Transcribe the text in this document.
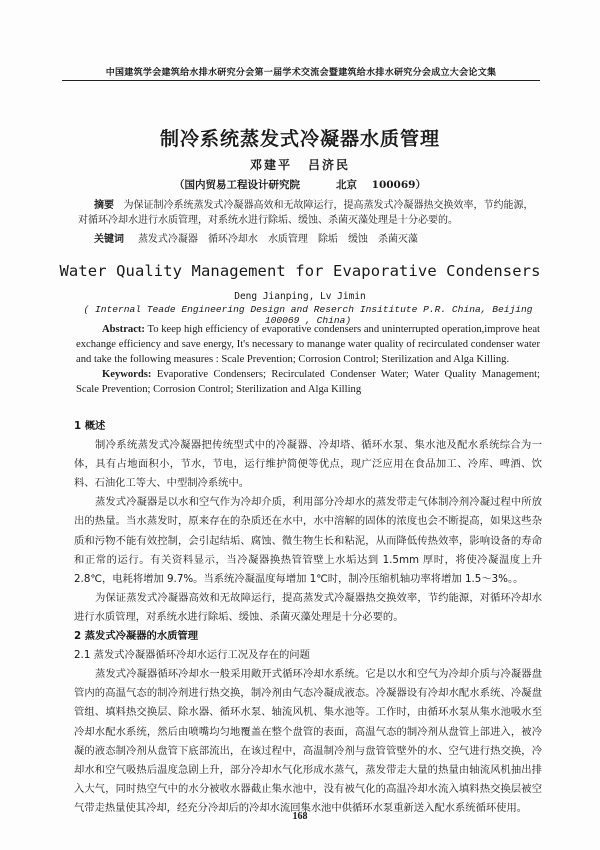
中国建筑学会建筑给水排水研究分会第一届学术交流会暨建筑给水排水研究分会成立大会论文集
制冷系统蒸发式冷凝器水质管理
邓建平 吕济民
（国内贸易工程设计研究院	北京 100069）

摘要 为保证制冷系统蒸发式冷凝器高效和无故障运行，提高蒸发式冷凝器热交换效率，节约能源，对循环冷却水进行水质管理，对系统水进行除垢、缓蚀、杀菌灭藻处理是十分必要的。

关键词 蒸发式冷凝器 循环冷却水 水质管理 除垢 缓蚀 杀菌灭藻
Water Quality Management for Evaporative Condensers
Deng Jianping, Lv Jimin
( Internal Teade Engineering Design and Reserch Insititute P.R. China, Beijing 100069 , China)

Abstract: To keep high efficiency of evaporative condensers and uninterrupted operation,improve heat exchange efficiency and save energy, It's necessary to manange water quality of recirculated condenser water and take the following measures : Scale Prevention; Corrosion Control; Sterilization and Alga Killing.

Keywords: Evaporative Condensers; Recirculated Condenser Water; Water Quality Management; Scale Prevention; Corrosion Control; Sterilization and Alga Killing

1 概述

制冷系统蒸发式冷凝器把传统型式中的冷凝器、冷却塔、循环水泵、集水池及配水系统综合为一体，具有占地面积小，节水，节电，运行维护简便等优点，现广泛应用在食品加工、冷库、啤酒、饮料、石油化工等大、中型制冷系统中。

蒸发式冷凝器是以水和空气作为冷却介质，利用部分冷却水的蒸发带走气体制冷剂冷凝过程中所放出的热量。当水蒸发时，原来存在的杂质还在水中，水中溶解的固体的浓度也会不断提高，如果这些杂质和污物不能有效控制，会引起结垢、腐蚀、微生物生长和粘泥，从而降低传热效率，影响设备的寿命和正常的运行。有关资料显示，当冷凝器换热管管壁上水垢达到 1.5mm 厚时，将使冷凝温度上升 2.8℃，电耗将增加 9.7%。当系统冷凝温度每增加 1℃时，制冷压缩机轴功率将增加 1.5～3%。。

为保证蒸发式冷凝器高效和无故障运行，提高蒸发式冷凝器热交换效率，节约能源，对循环冷却水进行水质管理，对系统水进行除垢、缓蚀、杀菌灭藻处理是十分必要的。

2 蒸发式冷凝器的水质管理
2.1 蒸发式冷凝器循环冷却水运行工况及存在的问题

蒸发式冷凝器循环冷却水一般采用敞开式循环冷却水系统。它是以水和空气为冷却介质与冷凝器盘管内的高温气态的制冷剂进行热交换，制冷剂由气态冷凝成液态。冷凝器设有冷却水配水系统、冷凝盘管组、填料热交换层、除水器、循环水泵、轴流风机、集水池等。工作时，由循环水泵从集水池吸水至冷却水配水系统，然后由喷嘴均匀地覆盖在整个盘管的表面，高温气态的制冷剂从盘管上部进入，被冷凝的液态制冷剂从盘管下底部流出，在该过程中，高温制冷剂与盘管管壁外的水、空气进行热交换，冷却水和空气吸热后温度急剧上升，部分冷却水气化形成水蒸气，蒸发带走大量的热量由轴流风机抽出排入大气，同时热空气中的水分被收水器截止集水池中，没有被气化的高温冷却水流入填料热交换层被空气带走热量使其冷却，经充分冷却后的冷却水流回集水池中供循环水泵重新送入配水系统循环使用。

168
